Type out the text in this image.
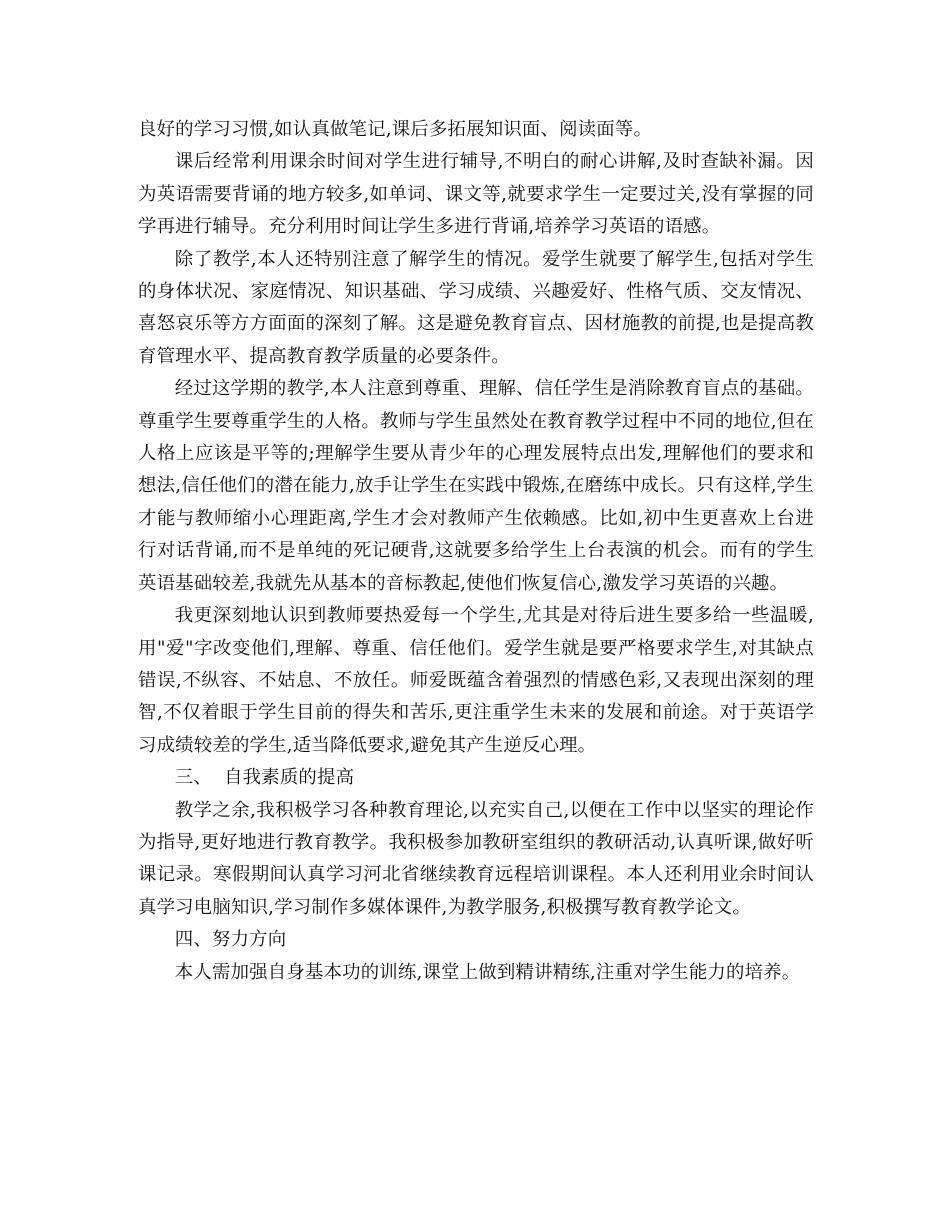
良好的学习习惯,如认真做笔记,课后多拓展知识面、阅读面等。

课后经常利用课余时间对学生进行辅导,不明白的耐心讲解,及时查缺补漏。因为英语需要背诵的地方较多,如单词、课文等,就要求学生一定要过关,没有掌握的同学再进行辅导。充分利用时间让学生多进行背诵,培养学习英语的语感。

除了教学,本人还特别注意了解学生的情况。爱学生就要了解学生,包括对学生的身体状况、家庭情况、知识基础、学习成绩、兴趣爱好、性格气质、交友情况、喜怒哀乐等方方面面的深刻了解。这是避免教育盲点、因材施教的前提,也是提高教育管理水平、提高教育教学质量的必要条件。

经过这学期的教学,本人注意到尊重、理解、信任学生是消除教育盲点的基础。尊重学生要尊重学生的人格。教师与学生虽然处在教育教学过程中不同的地位,但在人格上应该是平等的;理解学生要从青少年的心理发展特点出发,理解他们的要求和想法,信任他们的潜在能力,放手让学生在实践中锻炼,在磨练中成长。只有这样,学生才能与教师缩小心理距离,学生才会对教师产生依赖感。比如,初中生更喜欢上台进行对话背诵,而不是单纯的死记硬背,这就要多给学生上台表演的机会。而有的学生英语基础较差,我就先从基本的音标教起,使他们恢复信心,激发学习英语的兴趣。

我更深刻地认识到教师要热爱每一个学生,尤其是对待后进生要多给一些温暖,用"爱"字改变他们,理解、尊重、信任他们。爱学生就是要严格要求学生,对其缺点错误,不纵容、不姑息、不放任。师爱既蕴含着强烈的情感色彩,又表现出深刻的理智,不仅着眼于学生目前的得失和苦乐,更注重学生未来的发展和前途。对于英语学习成绩较差的学生,适当降低要求,避免其产生逆反心理。

三、  自我素质的提高

教学之余,我积极学习各种教育理论,以充实自己,以便在工作中以坚实的理论作为指导,更好地进行教育教学。我积极参加教研室组织的教研活动,认真听课,做好听课记录。寒假期间认真学习河北省继续教育远程培训课程。本人还利用业余时间认真学习电脑知识,学习制作多媒体课件,为教学服务,积极撰写教育教学论文。

四、努力方向

本人需加强自身基本功的训练,课堂上做到精讲精练,注重对学生能力的培养。
